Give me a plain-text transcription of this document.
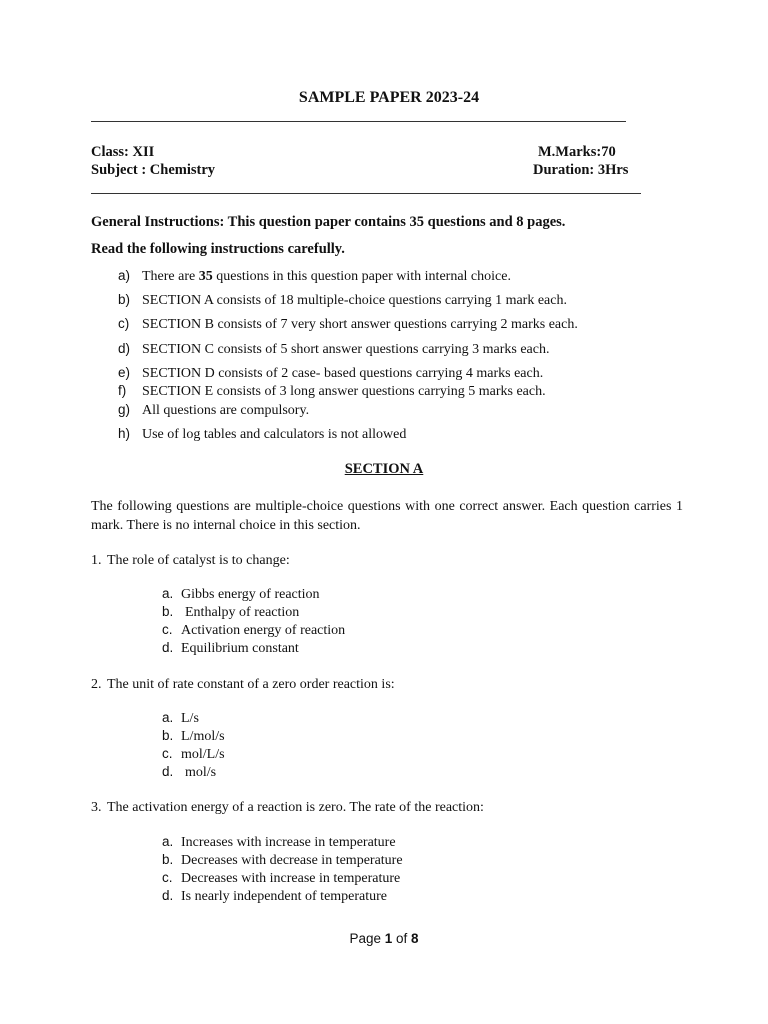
SAMPLE PAPER 2023-24
Class: XII	M.Marks:70
Subject : Chemistry	Duration: 3Hrs
General Instructions: This question paper contains 35 questions and 8 pages.
Read the following instructions carefully.
a) There are 35 questions in this question paper with internal choice.
b) SECTION A consists of 18 multiple-choice questions carrying 1 mark each.
c) SECTION B consists of 7 very short answer questions carrying 2 marks each.
d) SECTION C consists of 5 short answer questions carrying 3 marks each.
e) SECTION D consists of 2 case- based questions carrying 4 marks each.
f) SECTION E consists of 3 long answer questions carrying 5 marks each.
g) All questions are compulsory.
h) Use of log tables and calculators is not allowed
SECTION A
The following questions are multiple-choice questions with one correct answer. Each question carries 1 mark. There is no internal choice in this section.
1. The role of catalyst is to change:
a. Gibbs energy of reaction
b. Enthalpy of reaction
c. Activation energy of reaction
d. Equilibrium constant
2. The unit of rate constant of a zero order reaction is:
a. L/s
b. L/mol/s
c. mol/L/s
d. mol/s
3. The activation energy of a reaction is zero. The rate of the reaction:
a. Increases with increase in temperature
b. Decreases with decrease in temperature
c. Decreases with increase in temperature
d. Is nearly independent of temperature
Page 1 of 8
